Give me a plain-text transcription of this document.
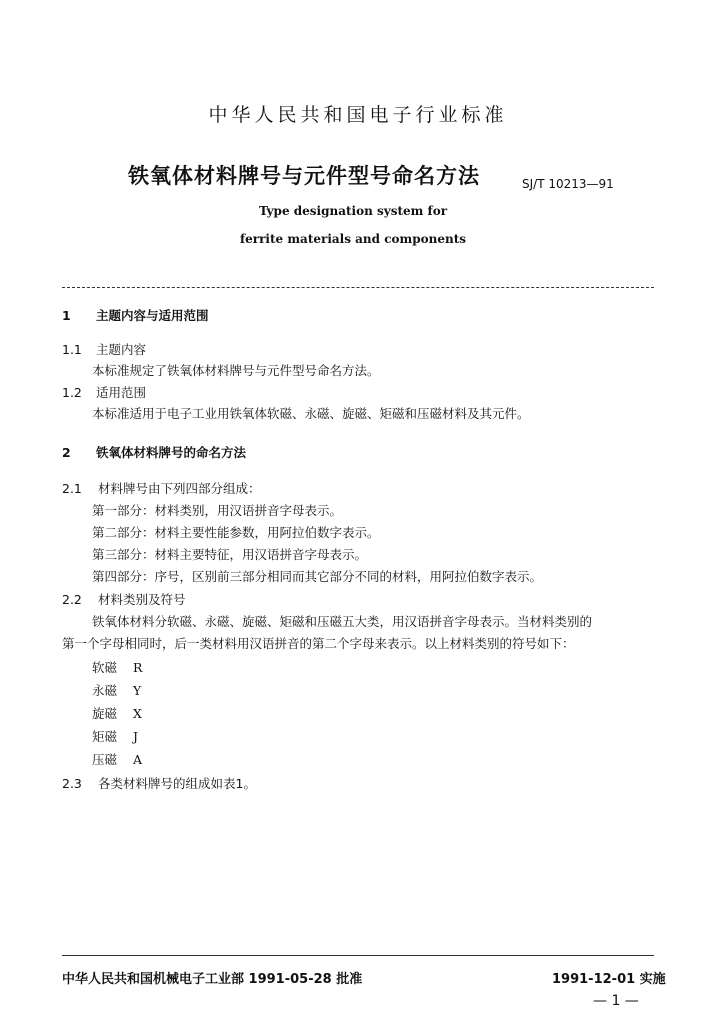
中华人民共和国电子行业标准
铁氧体材料牌号与元件型号命名方法	SJ/T 10213—91
Type designation system for
ferrite materials and components
1 主题内容与适用范围
1.1 主题内容
本标准规定了铁氧体材料牌号与元件型号命名方法。
1.2 适用范围
本标准适用于电子工业用铁氧体软磁、永磁、旋磁、矩磁和压磁材料及其元件。
2 铁氧体材料牌号的命名方法
2.1 材料牌号由下列四部分组成：
第一部分：材料类别，用汉语拼音字母表示。
第二部分：材料主要性能参数，用阿拉伯数字表示。
第三部分：材料主要特征，用汉语拼音字母表示。
第四部分：序号，区别前三部分相同而其它部分不同的材料，用阿拉伯数字表示。
2.2 材料类别及符号
铁氧体材料分软磁、永磁、旋磁、矩磁和压磁五大类，用汉语拼音字母表示。当材料类别的
第一个字母相同时，后一类材料用汉语拼音的第二个字母来表示。以上材料类别的符号如下：
软磁 R
永磁 Y
旋磁 X
矩磁 J
压磁 A
2.3 各类材料牌号的组成如表1。
中华人民共和国机械电子工业部 1991-05-28 批准	1991-12-01 实施
— 1 —
